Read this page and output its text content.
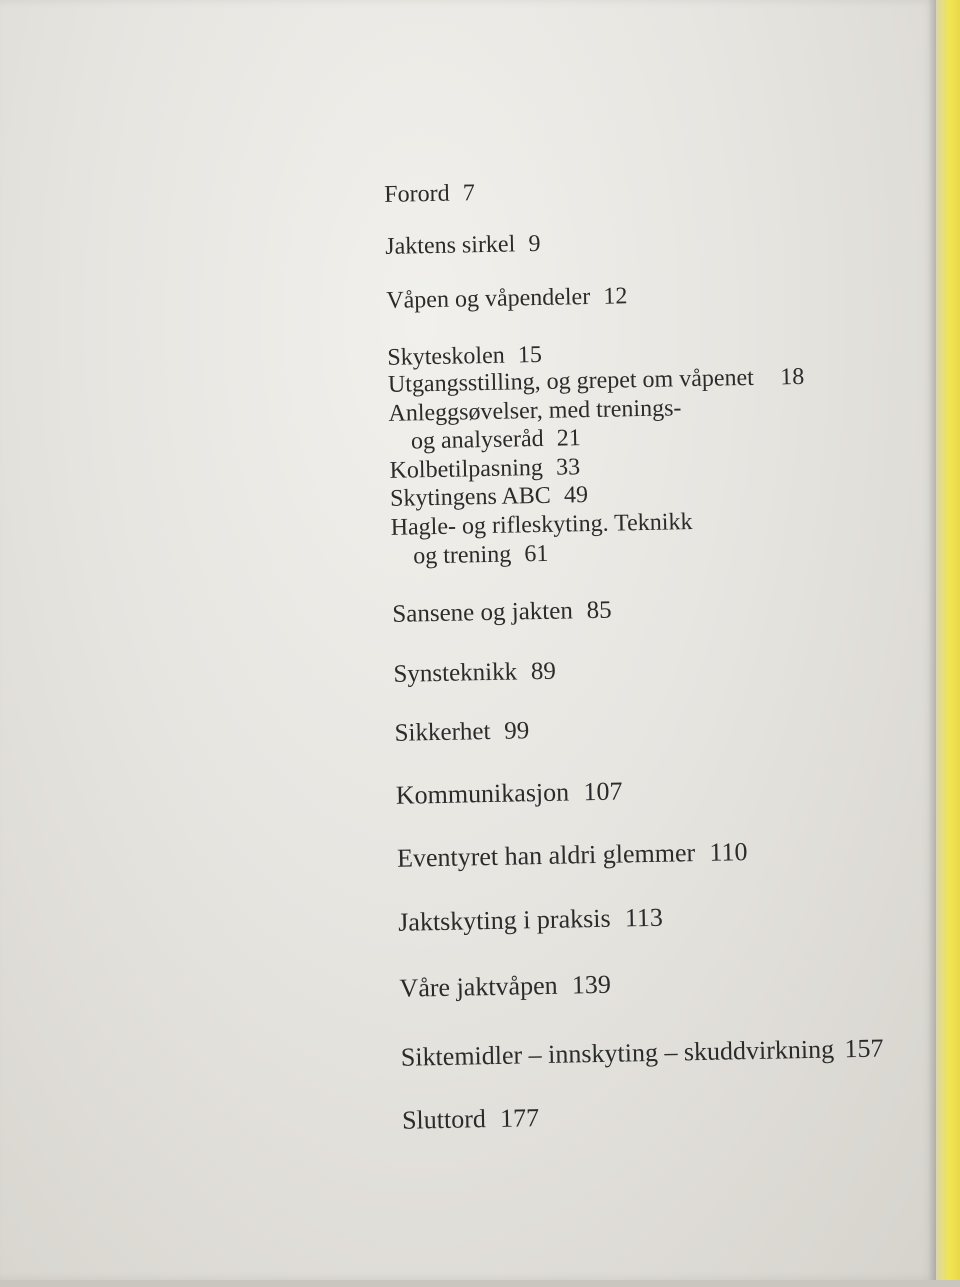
Forord 7
Jaktens sirkel 9
Våpen og våpendeler 12
Skyteskolen 15
Utgangsstilling, og grepet om våpenet 18
Anleggsøvelser, med trenings-
og analyseråd 21
Kolbetilpasning 33
Skytingens ABC 49
Hagle- og rifleskyting. Teknikk
og trening 61
Sansene og jakten 85
Synsteknikk 89
Sikkerhet 99
Kommunikasjon 107
Eventyret han aldri glemmer 110
Jaktskyting i praksis 113
Våre jaktvåpen 139
Siktemidler – innskyting – skuddvirkning 157
Sluttord 177
